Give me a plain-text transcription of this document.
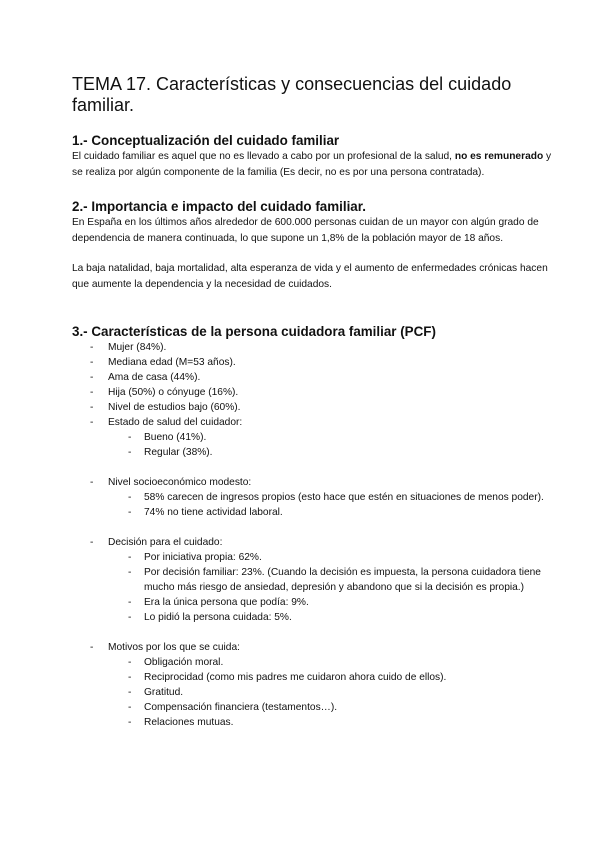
TEMA 17. Características y consecuencias del cuidado familiar.
1.- Conceptualización del cuidado familiar

El cuidado familiar es aquel que no es llevado a cabo por un profesional de la salud, no es remunerado y se realiza por algún componente de la familia (Es decir, no es por una persona contratada).

2.- Importancia e impacto del cuidado familiar.

En España en los últimos años alrededor de 600.000 personas cuidan de un mayor con algún grado de dependencia de manera continuada, lo que supone un 1,8% de la población mayor de 18 años.

La baja natalidad, baja mortalidad, alta esperanza de vida y el aumento de enfermedades crónicas hacen que aumente la dependencia y la necesidad de cuidados.

3.- Características de la persona cuidadora familiar (PCF)
- Mujer (84%).
- Mediana edad (M=53 años).
- Ama de casa (44%).
- Hija (50%) o cónyuge (16%).
- Nivel de estudios bajo (60%).
- Estado de salud del cuidador:
- Bueno (41%).
- Regular (38%).
- Nivel socioeconómico modesto:
- 58% carecen de ingresos propios (esto hace que estén en situaciones de menos poder).
- 74% no tiene actividad laboral.
- Decisión para el cuidado:
- Por iniciativa propia: 62%.
- Por decisión familiar: 23%. (Cuando la decisión es impuesta, la persona cuidadora tiene mucho más riesgo de ansiedad, depresión y abandono que si la decisión es propia.)
- Era la única persona que podía: 9%.
- Lo pidió la persona cuidada: 5%.
- Motivos por los que se cuida:
- Obligación moral.
- Reciprocidad (como mis padres me cuidaron ahora cuido de ellos).
- Gratitud.
- Compensación financiera (testamentos…).
- Relaciones mutuas.
